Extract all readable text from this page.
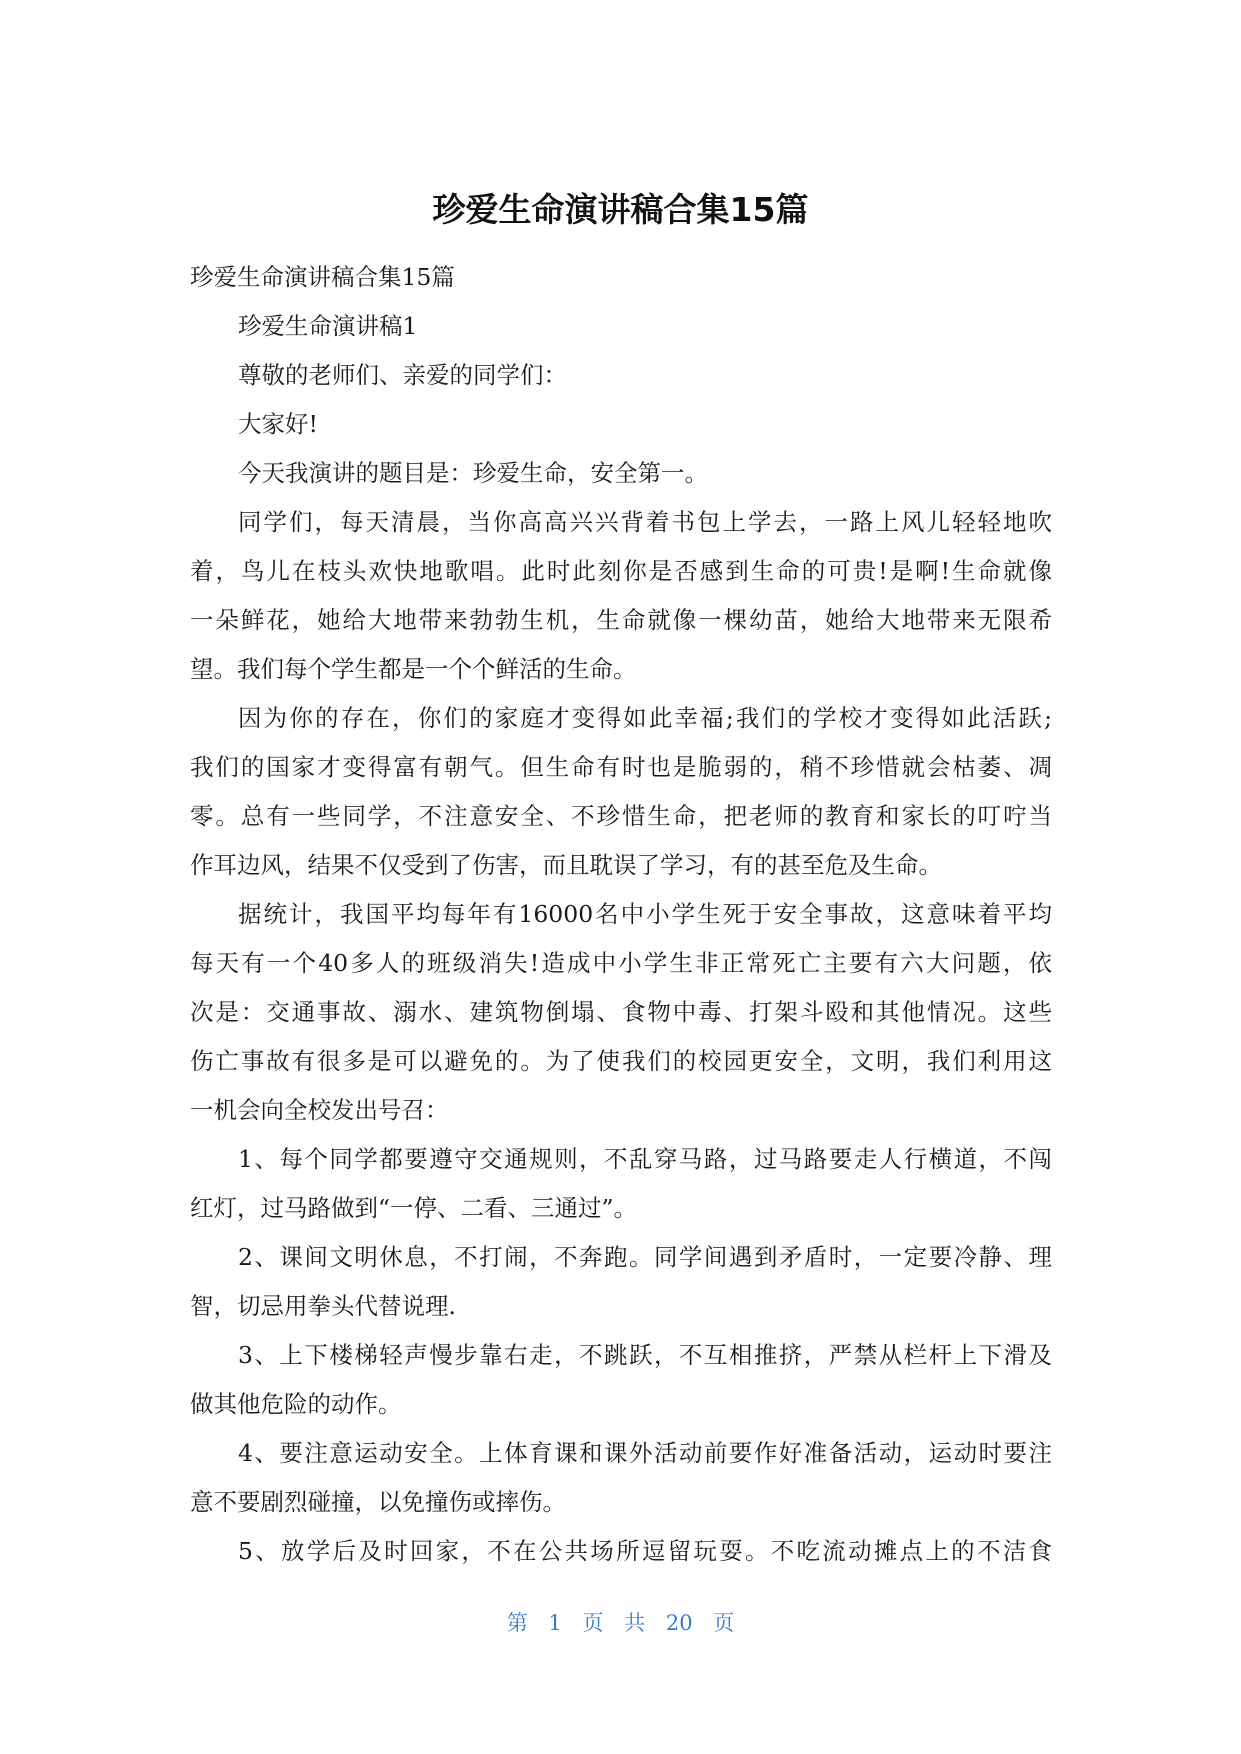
珍爱生命演讲稿合集15篇

珍爱生命演讲稿合集15篇

珍爱生命演讲稿1

尊敬的老师们、亲爱的同学们：

大家好!

今天我演讲的题目是：珍爱生命，安全第一。

同学们，每天清晨，当你高高兴兴背着书包上学去，一路上风儿轻轻地吹

着，鸟儿在枝头欢快地歌唱。此时此刻你是否感到生命的可贵!是啊!生命就像

一朵鲜花，她给大地带来勃勃生机，生命就像一棵幼苗，她给大地带来无限希

望。我们每个学生都是一个个鲜活的生命。

因为你的存在，你们的家庭才变得如此幸福;我们的学校才变得如此活跃;

我们的国家才变得富有朝气。但生命有时也是脆弱的，稍不珍惜就会枯萎、凋

零。总有一些同学，不注意安全、不珍惜生命，把老师的教育和家长的叮咛当

作耳边风，结果不仅受到了伤害，而且耽误了学习，有的甚至危及生命。

据统计，我国平均每年有16000名中小学生死于安全事故，这意味着平均

每天有一个40多人的班级消失!造成中小学生非正常死亡主要有六大问题，依

次是：交通事故、溺水、建筑物倒塌、食物中毒、打架斗殴和其他情况。这些

伤亡事故有很多是可以避免的。为了使我们的校园更安全，文明，我们利用这

一机会向全校发出号召：

1、每个同学都要遵守交通规则，不乱穿马路，过马路要走人行横道，不闯

红灯，过马路做到“一停、二看、三通过”。

2、课间文明休息，不打闹，不奔跑。同学间遇到矛盾时，一定要冷静、理

智，切忌用拳头代替说理.

3、上下楼梯轻声慢步靠右走，不跳跃，不互相推挤，严禁从栏杆上下滑及

做其他危险的动作。

4、要注意运动安全。上体育课和课外活动前要作好准备活动，运动时要注

意不要剧烈碰撞，以免撞伤或摔伤。

5、放学后及时回家，不在公共场所逗留玩耍。不吃流动摊点上的不洁食

第 1 页 共 20 页
